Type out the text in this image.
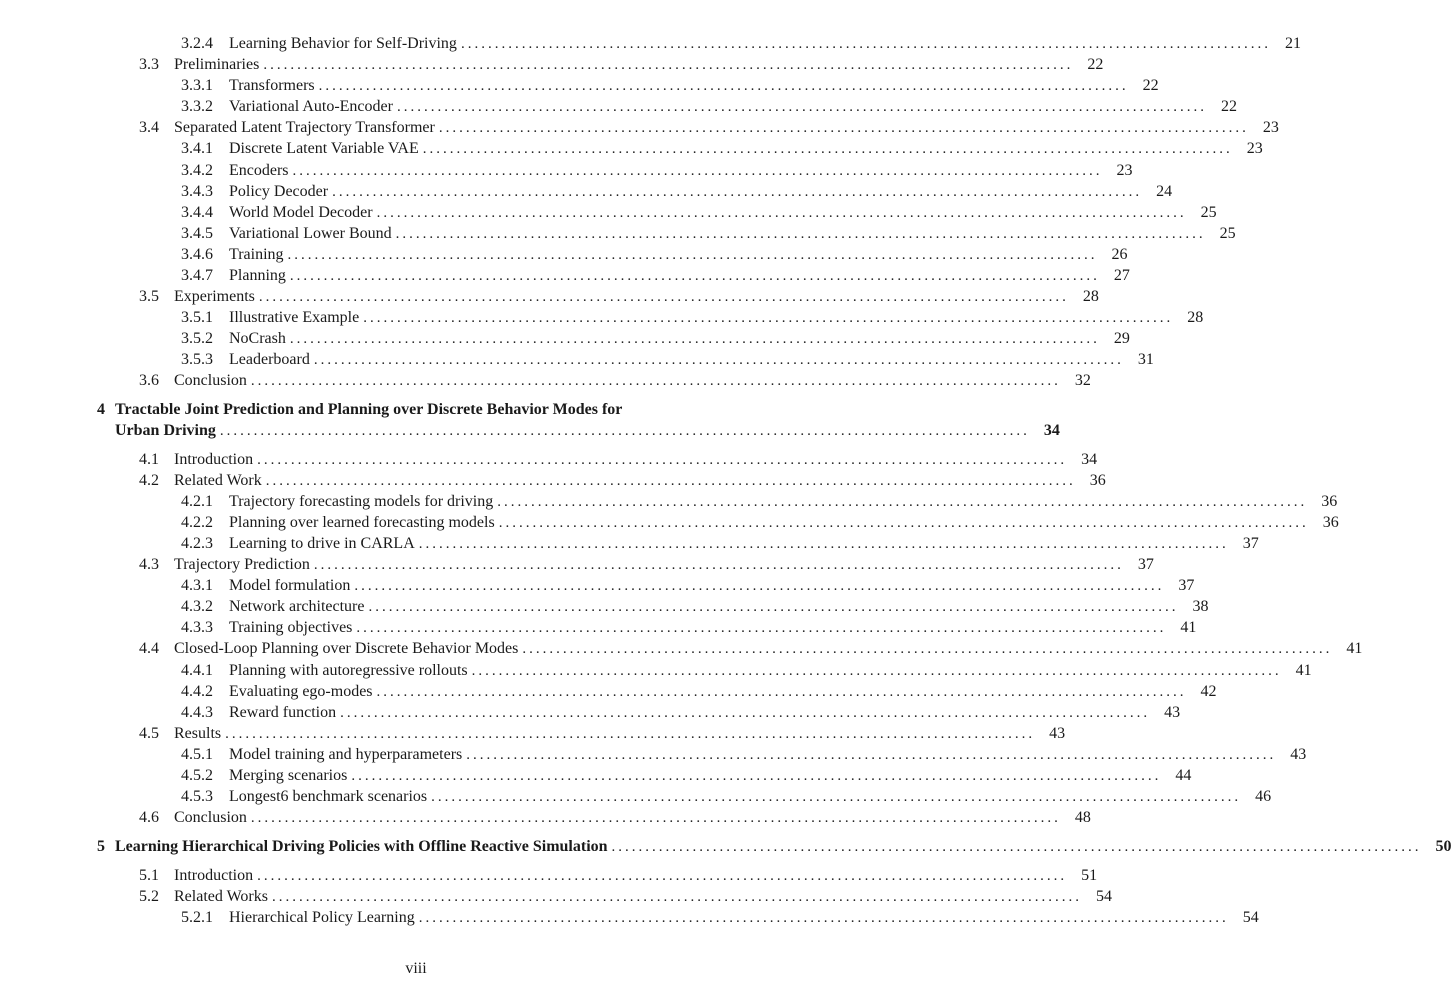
3.2.4	Learning Behavior for Self-Driving ........................................................................................................................ 21
3.3 Preliminaries ........................................................................................................................ 22
3.3.1	Transformers ........................................................................................................................ 22
3.3.2	Variational Auto-Encoder ........................................................................................................................ 22
3.4 Separated Latent Trajectory Transformer ........................................................................................................................ 23
3.4.1	Discrete Latent Variable VAE ........................................................................................................................ 23
3.4.2	Encoders ........................................................................................................................ 23
3.4.3	Policy Decoder ........................................................................................................................ 24
3.4.4	World Model Decoder ........................................................................................................................ 25
3.4.5	Variational Lower Bound ........................................................................................................................ 25
3.4.6	Training ........................................................................................................................ 26
3.4.7	Planning ........................................................................................................................ 27
3.5 Experiments ........................................................................................................................ 28
3.5.1	Illustrative Example ........................................................................................................................ 28
3.5.2	NoCrash ........................................................................................................................ 29
3.5.3	Leaderboard ........................................................................................................................ 31
3.6 Conclusion ........................................................................................................................ 32
4 Tractable Joint Prediction and Planning over Discrete Behavior Modes for
Urban Driving ........................................................................................................................ 34
4.1 Introduction ........................................................................................................................ 34
4.2 Related Work ........................................................................................................................ 36
4.2.1	Trajectory forecasting models for driving ........................................................................................................................ 36
4.2.2	Planning over learned forecasting models ........................................................................................................................ 36
4.2.3	Learning to drive in CARLA ........................................................................................................................ 37
4.3 Trajectory Prediction ........................................................................................................................ 37
4.3.1	Model formulation ........................................................................................................................ 37
4.3.2	Network architecture ........................................................................................................................ 38
4.3.3	Training objectives ........................................................................................................................ 41
4.4 Closed-Loop Planning over Discrete Behavior Modes ........................................................................................................................ 41
4.4.1	Planning with autoregressive rollouts ........................................................................................................................ 41
4.4.2	Evaluating ego-modes ........................................................................................................................ 42
4.4.3	Reward function ........................................................................................................................ 43
4.5 Results ........................................................................................................................ 43
4.5.1	Model training and hyperparameters ........................................................................................................................ 43
4.5.2	Merging scenarios ........................................................................................................................ 44
4.5.3	Longest6 benchmark scenarios ........................................................................................................................ 46
4.6 Conclusion ........................................................................................................................ 48
5 Learning Hierarchical Driving Policies with Offline Reactive Simulation ........................................................................................................................ 50
5.1 Introduction ........................................................................................................................ 51
5.2 Related Works ........................................................................................................................ 54
5.2.1	Hierarchical Policy Learning ........................................................................................................................ 54
viii
